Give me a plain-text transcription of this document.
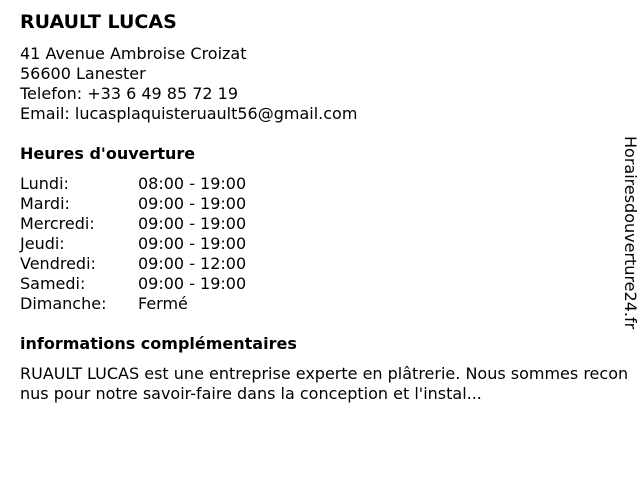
RUAULT LUCAS
41 Avenue Ambroise Croizat
56600 Lanester
Telefon: +33 6 49 85 72 19
Email: lucasplaquisteruault56@gmail.com
Heures d'ouverture
Lundi:	08:00 - 19:00
Mardi:	09:00 - 19:00
Mercredi:	09:00 - 19:00
Jeudi:	09:00 - 19:00
Vendredi:	09:00 - 12:00
Samedi:	09:00 - 19:00
Dimanche: Fermé
informations complémentaires
RUAULT LUCAS est une entreprise experte en plâtrerie. Nous sommes reconnus pour notre savoir-faire dans la conception et l'instal...
Horairesdouverture24.fr
